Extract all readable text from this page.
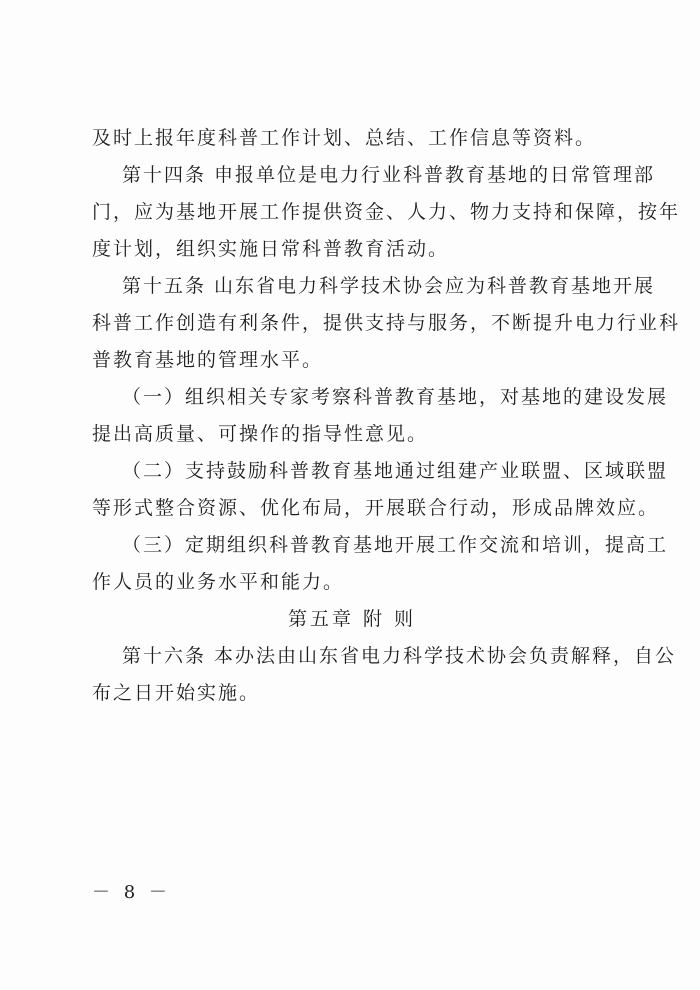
及时上报年度科普工作计划、总结、工作信息等资料。
第十四条 申报单位是电力行业科普教育基地的日常管理部
门，应为基地开展工作提供资金、人力、物力支持和保障，按年
度计划，组织实施日常科普教育活动。
第十五条 山东省电力科学技术协会应为科普教育基地开展
科普工作创造有利条件，提供支持与服务，不断提升电力行业科
普教育基地的管理水平。
（一）组织相关专家考察科普教育基地，对基地的建设发展
提出高质量、可操作的指导性意见。
（二）支持鼓励科普教育基地通过组建产业联盟、区域联盟
等形式整合资源、优化布局，开展联合行动，形成品牌效应。
（三）定期组织科普教育基地开展工作交流和培训，提高工
作人员的业务水平和能力。
第五章 附 则
第十六条 本办法由山东省电力科学技术协会负责解释，自公
布之日开始实施。
－ 8 －
